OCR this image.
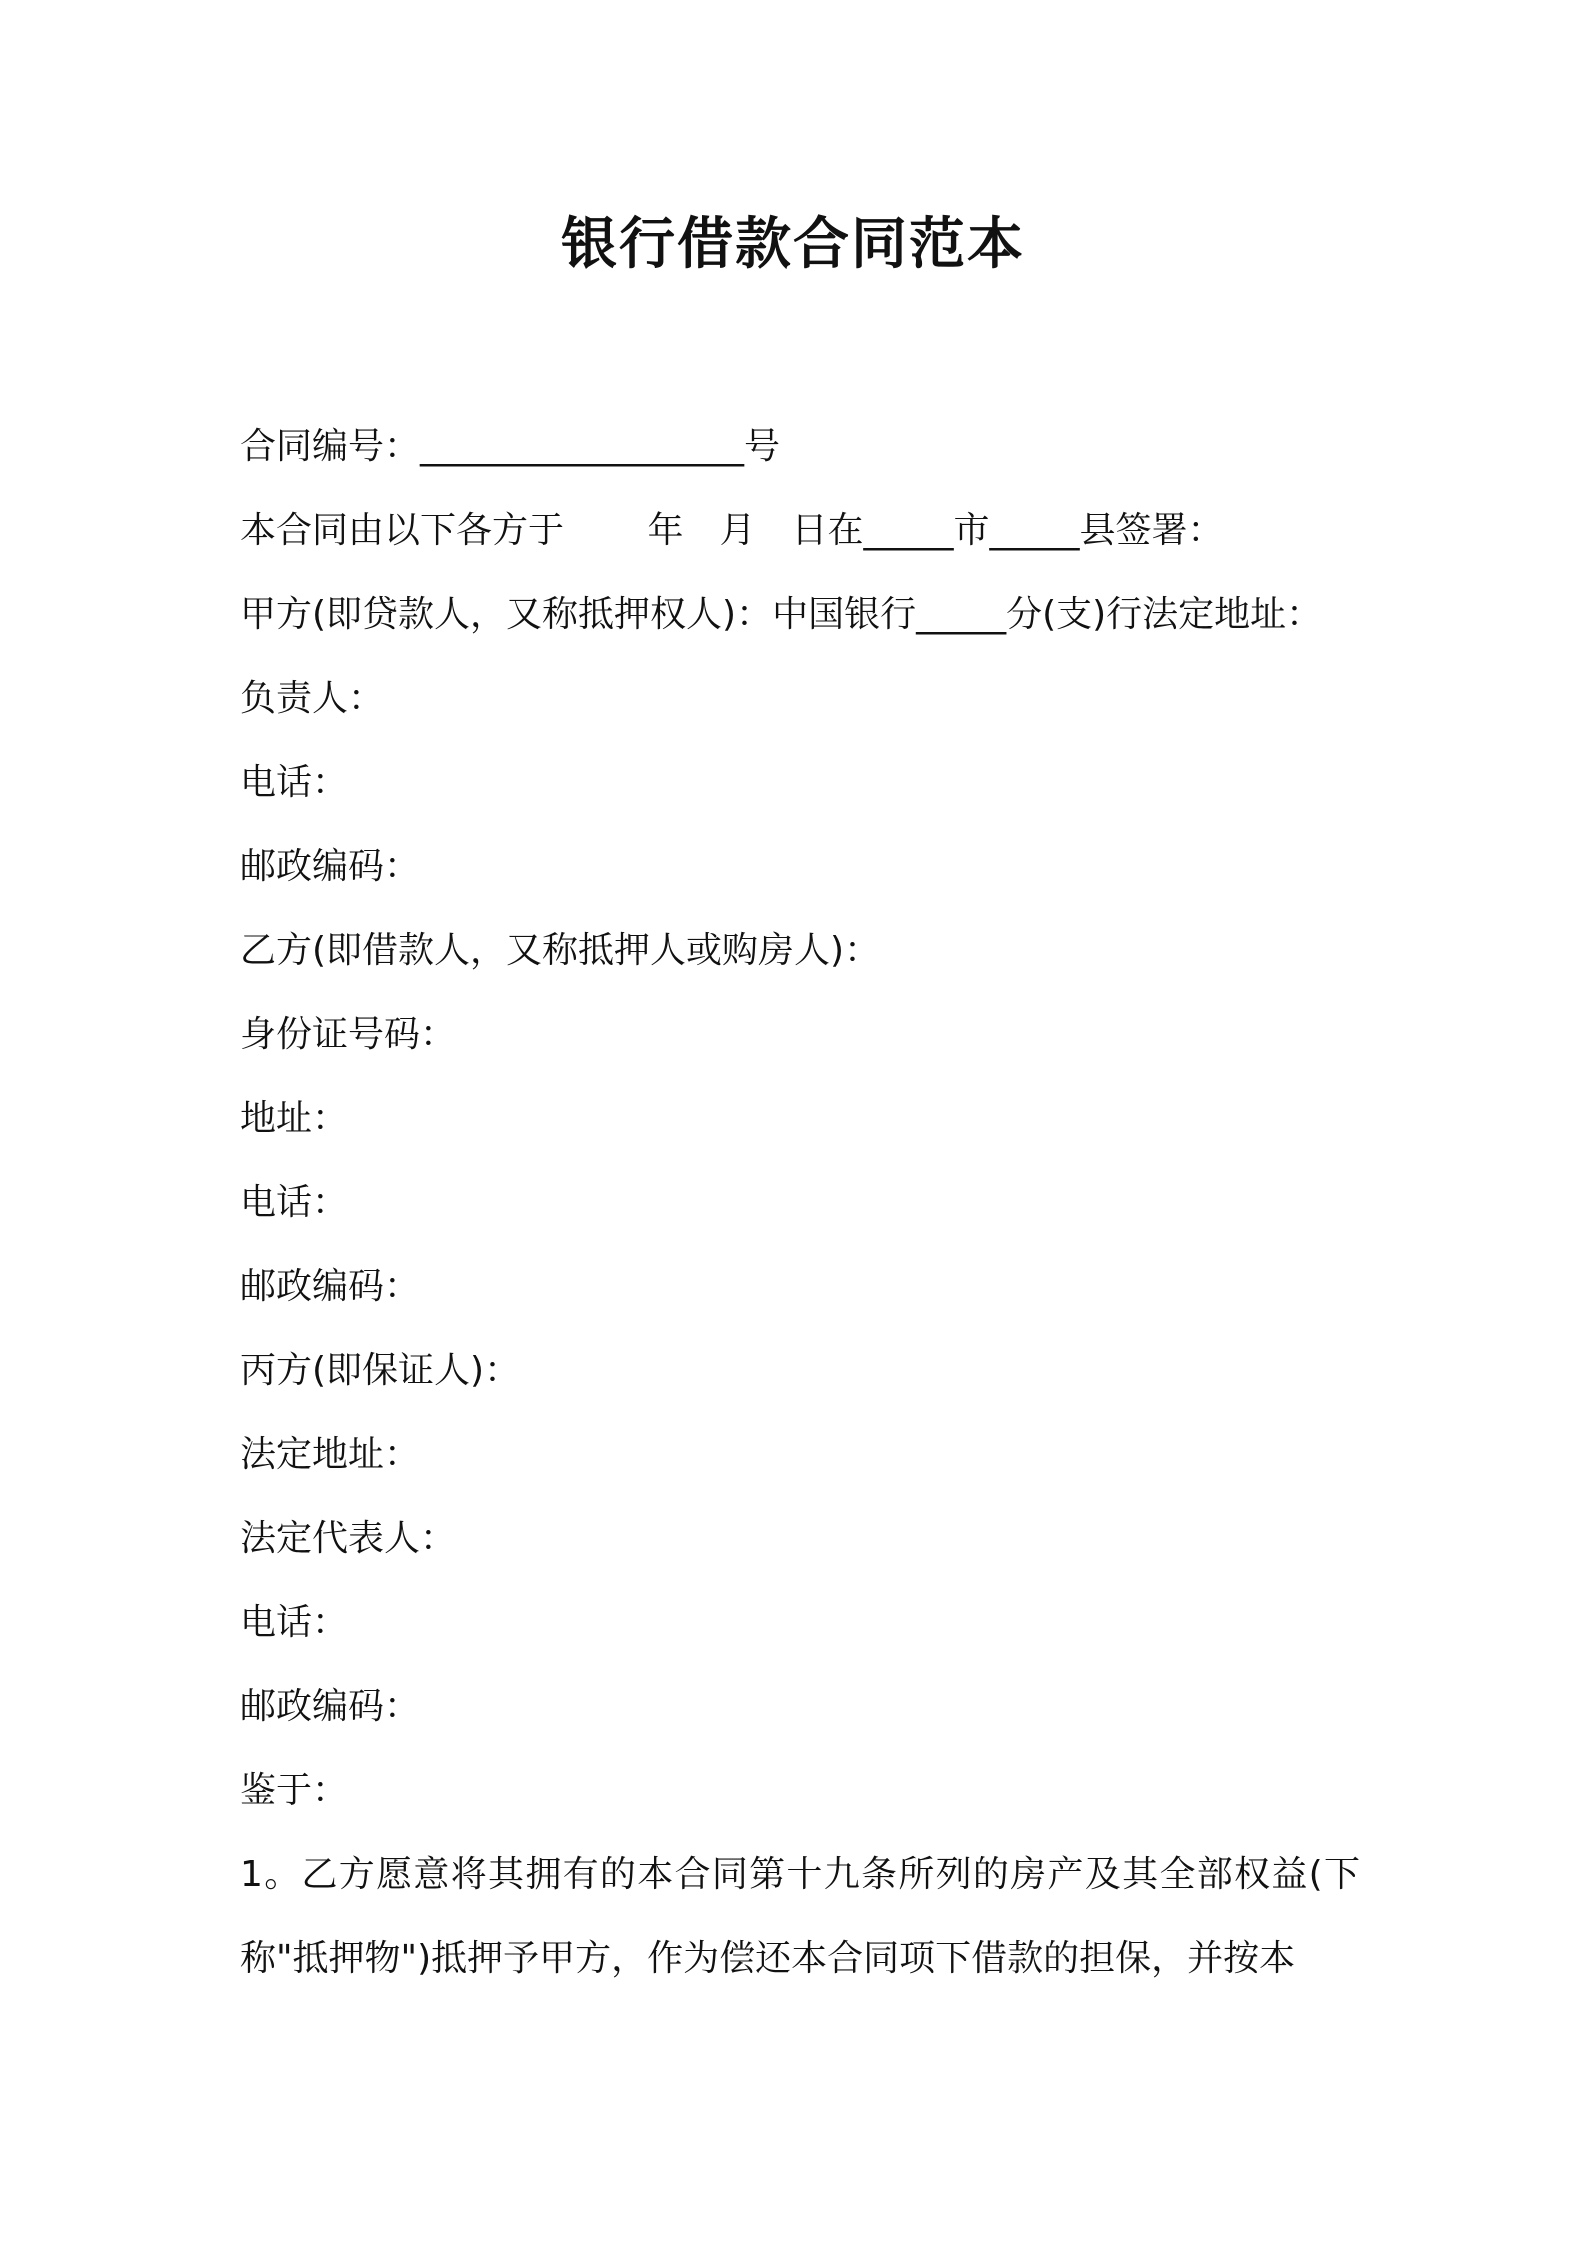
银行借款合同范本
合同编号：__________________号
本合同由以下各方于　　 年　月　日在_____市_____县签署：
甲方(即贷款人，又称抵押权人)：中国银行_____分(支)行法定地址：
负责人：
电话：
邮政编码：
乙方(即借款人，又称抵押人或购房人)：
身份证号码：
地址：
电话：
邮政编码：
丙方(即保证人)：
法定地址：
法定代表人：
电话：
邮政编码：
鉴于：
1。乙方愿意将其拥有的本合同第十九条所列的房产及其全部权益(下称"抵押物")抵押予甲方，作为偿还本合同项下借款的担保，并按本
